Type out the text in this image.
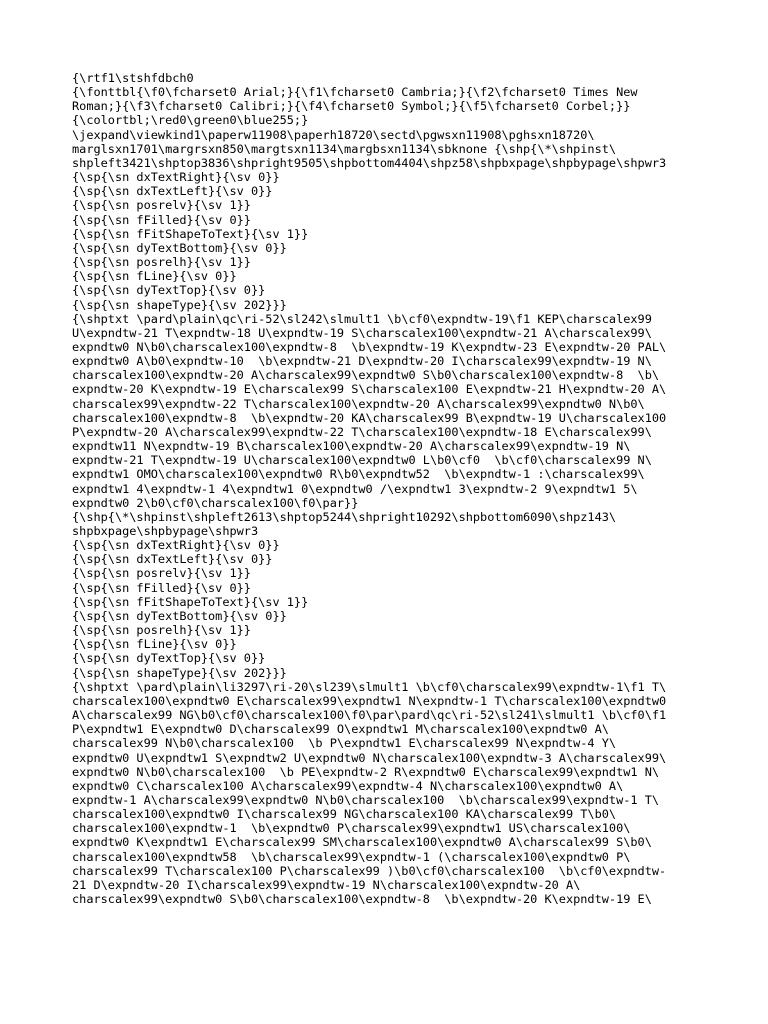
{\rtf1\stshfdbch0
{\fonttbl{\f0\fcharset0 Arial;}{\f1\fcharset0 Cambria;}{\f2\fcharset0 Times New
Roman;}{\f3\fcharset0 Calibri;}{\f4\fcharset0 Symbol;}{\f5\fcharset0 Corbel;}}
{\colortbl;\red0\green0\blue255;}
\jexpand\viewkind1\paperw11908\paperh18720\sectd\pgwsxn11908\pghsxn18720\
marglsxn1701\margrsxn850\margtsxn1134\margbsxn1134\sbknone {\shp{\*\shpinst\
shpleft3421\shptop3836\shpright9505\shpbottom4404\shpz58\shpbxpage\shpbypage\shpwr3
{\sp{\sn dxTextRight}{\sv 0}}
{\sp{\sn dxTextLeft}{\sv 0}}
{\sp{\sn posrelv}{\sv 1}}
{\sp{\sn fFilled}{\sv 0}}
{\sp{\sn fFitShapeToText}{\sv 1}}
{\sp{\sn dyTextBottom}{\sv 0}}
{\sp{\sn posrelh}{\sv 1}}
{\sp{\sn fLine}{\sv 0}}
{\sp{\sn dyTextTop}{\sv 0}}
{\sp{\sn shapeType}{\sv 202}}}
{\shptxt \pard\plain\qc\ri-52\sl242\slmult1 \b\cf0\expndtw-19\f1 KEP\charscalex99
U\expndtw-21 T\expndtw-18 U\expndtw-19 S\charscalex100\expndtw-21 A\charscalex99\
expndtw0 N\b0\charscalex100\expndtw-8  \b\expndtw-19 K\expndtw-23 E\expndtw-20 PAL\
expndtw0 A\b0\expndtw-10  \b\expndtw-21 D\expndtw-20 I\charscalex99\expndtw-19 N\
charscalex100\expndtw-20 A\charscalex99\expndtw0 S\b0\charscalex100\expndtw-8  \b\
expndtw-20 K\expndtw-19 E\charscalex99 S\charscalex100 E\expndtw-21 H\expndtw-20 A\
charscalex99\expndtw-22 T\charscalex100\expndtw-20 A\charscalex99\expndtw0 N\b0\
charscalex100\expndtw-8  \b\expndtw-20 KA\charscalex99 B\expndtw-19 U\charscalex100
P\expndtw-20 A\charscalex99\expndtw-22 T\charscalex100\expndtw-18 E\charscalex99\
expndtw11 N\expndtw-19 B\charscalex100\expndtw-20 A\charscalex99\expndtw-19 N\
expndtw-21 T\expndtw-19 U\charscalex100\expndtw0 L\b0\cf0  \b\cf0\charscalex99 N\
expndtw1 OMO\charscalex100\expndtw0 R\b0\expndtw52  \b\expndtw-1 :\charscalex99\
expndtw1 4\expndtw-1 4\expndtw1 0\expndtw0 /\expndtw1 3\expndtw-2 9\expndtw1 5\
expndtw0 2\b0\cf0\charscalex100\f0\par}}
{\shp{\*\shpinst\shpleft2613\shptop5244\shpright10292\shpbottom6090\shpz143\
shpbxpage\shpbypage\shpwr3
{\sp{\sn dxTextRight}{\sv 0}}
{\sp{\sn dxTextLeft}{\sv 0}}
{\sp{\sn posrelv}{\sv 1}}
{\sp{\sn fFilled}{\sv 0}}
{\sp{\sn fFitShapeToText}{\sv 1}}
{\sp{\sn dyTextBottom}{\sv 0}}
{\sp{\sn posrelh}{\sv 1}}
{\sp{\sn fLine}{\sv 0}}
{\sp{\sn dyTextTop}{\sv 0}}
{\sp{\sn shapeType}{\sv 202}}}
{\shptxt \pard\plain\li3297\ri-20\sl239\slmult1 \b\cf0\charscalex99\expndtw-1\f1 T\
charscalex100\expndtw0 E\charscalex99\expndtw1 N\expndtw-1 T\charscalex100\expndtw0
A\charscalex99 NG\b0\cf0\charscalex100\f0\par\pard\qc\ri-52\sl241\slmult1 \b\cf0\f1
P\expndtw1 E\expndtw0 D\charscalex99 O\expndtw1 M\charscalex100\expndtw0 A\
charscalex99 N\b0\charscalex100  \b P\expndtw1 E\charscalex99 N\expndtw-4 Y\
expndtw0 U\expndtw1 S\expndtw2 U\expndtw0 N\charscalex100\expndtw-3 A\charscalex99\
expndtw0 N\b0\charscalex100  \b PE\expndtw-2 R\expndtw0 E\charscalex99\expndtw1 N\
expndtw0 C\charscalex100 A\charscalex99\expndtw-4 N\charscalex100\expndtw0 A\
expndtw-1 A\charscalex99\expndtw0 N\b0\charscalex100  \b\charscalex99\expndtw-1 T\
charscalex100\expndtw0 I\charscalex99 NG\charscalex100 KA\charscalex99 T\b0\
charscalex100\expndtw-1  \b\expndtw0 P\charscalex99\expndtw1 US\charscalex100\
expndtw0 K\expndtw1 E\charscalex99 SM\charscalex100\expndtw0 A\charscalex99 S\b0\
charscalex100\expndtw58  \b\charscalex99\expndtw-1 (\charscalex100\expndtw0 P\
charscalex99 T\charscalex100 P\charscalex99 )\b0\cf0\charscalex100  \b\cf0\expndtw-
21 D\expndtw-20 I\charscalex99\expndtw-19 N\charscalex100\expndtw-20 A\
charscalex99\expndtw0 S\b0\charscalex100\expndtw-8  \b\expndtw-20 K\expndtw-19 E\
